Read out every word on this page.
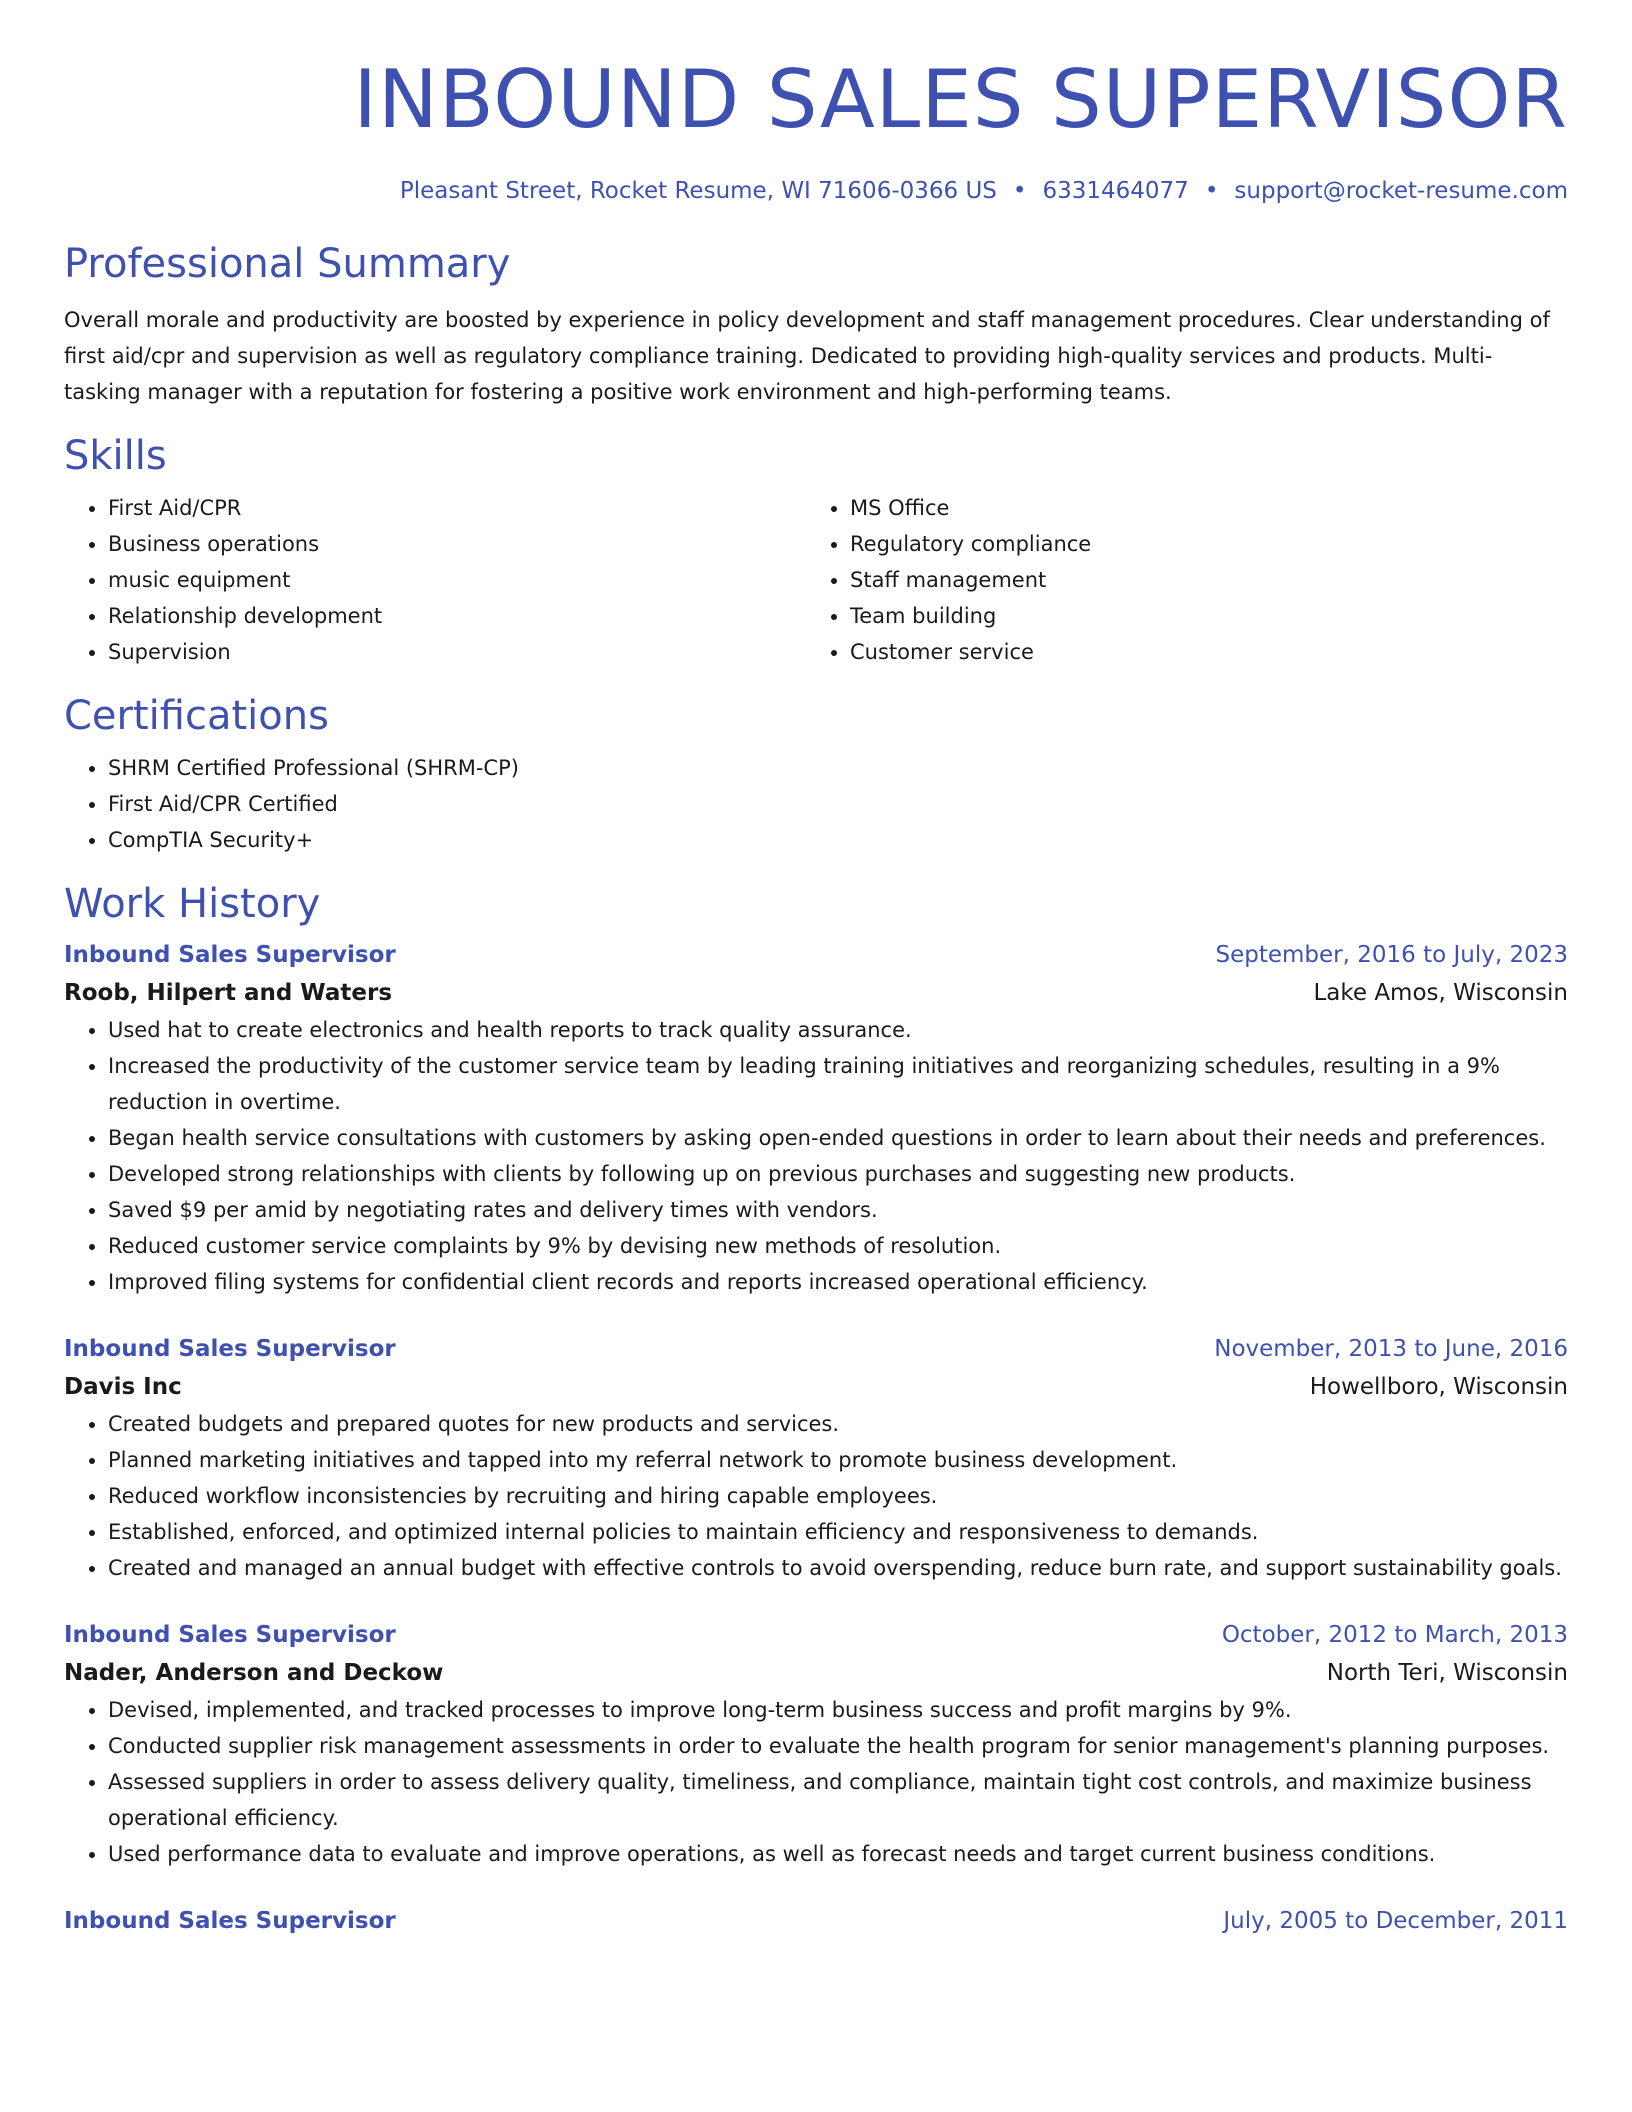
INBOUND SALES SUPERVISOR
Pleasant Street, Rocket Resume, WI 71606-0366 US • 6331464077 • support@rocket-resume.com
Professional Summary
Overall morale and productivity are boosted by experience in policy development and staff management procedures. Clear understanding of first aid/cpr and supervision as well as regulatory compliance training. Dedicated to providing high-quality services and products. Multi-tasking manager with a reputation for fostering a positive work environment and high-performing teams.
Skills
• First Aid/CPR
• Business operations
• music equipment
• Relationship development
• Supervision
• MS Office
• Regulatory compliance
• Staff management
• Team building
• Customer service
Certifications
• SHRM Certified Professional (SHRM-CP)
• First Aid/CPR Certified
• CompTIA Security+
Work History
Inbound Sales Supervisor	September, 2016 to July, 2023
Roob, Hilpert and Waters	Lake Amos, Wisconsin
• Used hat to create electronics and health reports to track quality assurance.
• Increased the productivity of the customer service team by leading training initiatives and reorganizing schedules, resulting in a 9% reduction in overtime.
• Began health service consultations with customers by asking open-ended questions in order to learn about their needs and preferences.
• Developed strong relationships with clients by following up on previous purchases and suggesting new products.
• Saved $9 per amid by negotiating rates and delivery times with vendors.
• Reduced customer service complaints by 9% by devising new methods of resolution.
• Improved filing systems for confidential client records and reports increased operational efficiency.
Inbound Sales Supervisor	November, 2013 to June, 2016
Davis Inc	Howellboro, Wisconsin
• Created budgets and prepared quotes for new products and services.
• Planned marketing initiatives and tapped into my referral network to promote business development.
• Reduced workflow inconsistencies by recruiting and hiring capable employees.
• Established, enforced, and optimized internal policies to maintain efficiency and responsiveness to demands.
• Created and managed an annual budget with effective controls to avoid overspending, reduce burn rate, and support sustainability goals.
Inbound Sales Supervisor	October, 2012 to March, 2013
Nader, Anderson and Deckow	North Teri, Wisconsin
• Devised, implemented, and tracked processes to improve long-term business success and profit margins by 9%.
• Conducted supplier risk management assessments in order to evaluate the health program for senior management's planning purposes.
• Assessed suppliers in order to assess delivery quality, timeliness, and compliance, maintain tight cost controls, and maximize business operational efficiency.
• Used performance data to evaluate and improve operations, as well as forecast needs and target current business conditions.
Inbound Sales Supervisor	July, 2005 to December, 2011
